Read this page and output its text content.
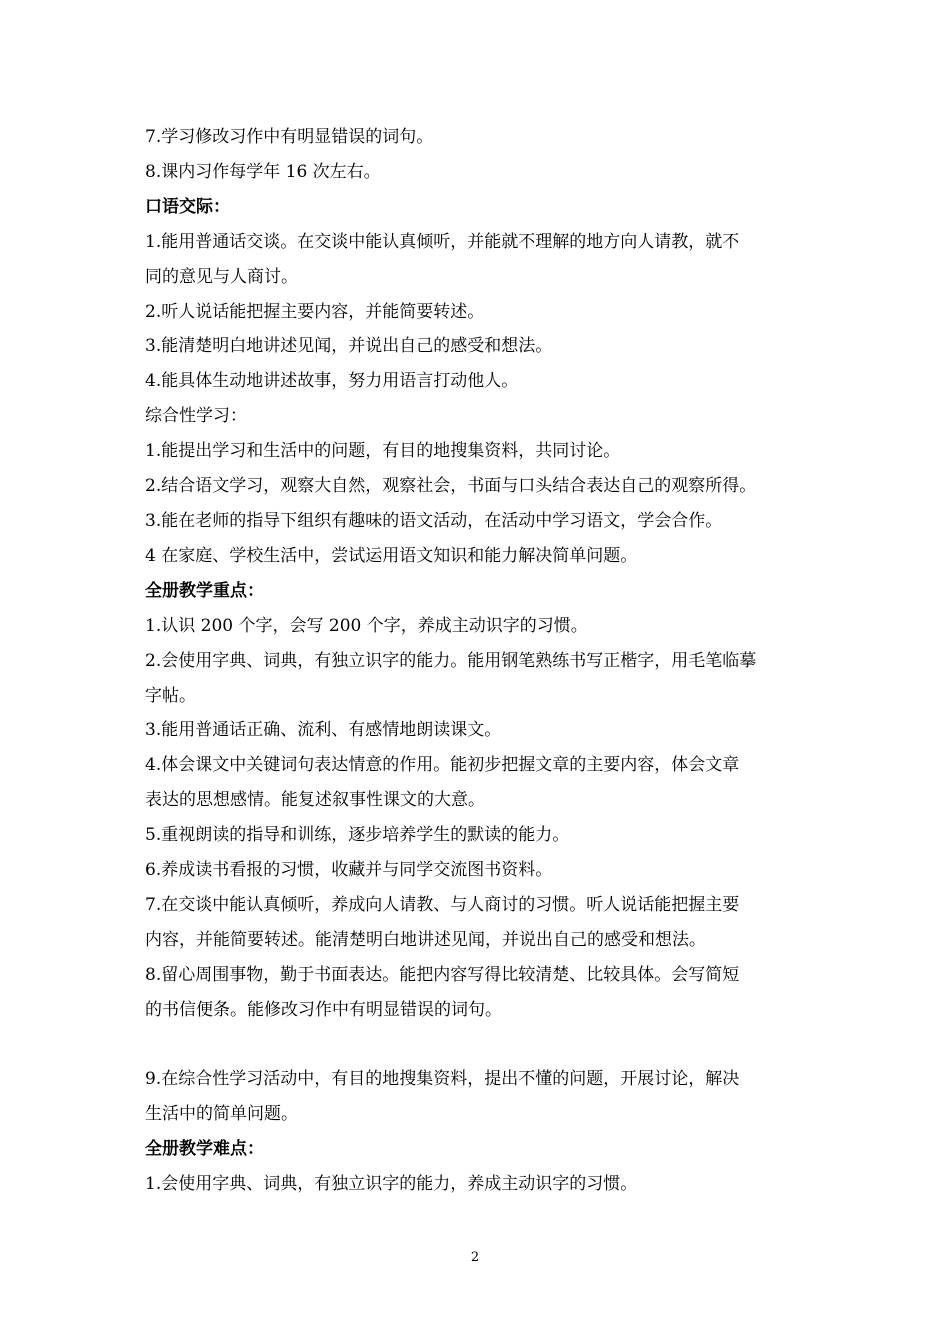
7.学习修改习作中有明显错误的词句。

8.课内习作每学年 16 次左右。

口语交际：

1.能用普通话交谈。在交谈中能认真倾听，并能就不理解的地方向人请教，就不

同的意见与人商讨。

2.听人说话能把握主要内容，并能简要转述。

3.能清楚明白地讲述见闻，并说出自己的感受和想法。

4.能具体生动地讲述故事，努力用语言打动他人。

综合性学习：

1.能提出学习和生活中的问题，有目的地搜集资料，共同讨论。

2.结合语文学习，观察大自然，观察社会，书面与口头结合表达自己的观察所得。

3.能在老师的指导下组织有趣味的语文活动，在活动中学习语文，学会合作。

4 在家庭、学校生活中，尝试运用语文知识和能力解决简单问题。

全册教学重点：

1.认识 200 个字，会写 200 个字，养成主动识字的习惯。

2.会使用字典、词典，有独立识字的能力。能用钢笔熟练书写正楷字，用毛笔临摹

字帖。

3.能用普通话正确、流利、有感情地朗读课文。

4.体会课文中关键词句表达情意的作用。能初步把握文章的主要内容，体会文章

表达的思想感情。能复述叙事性课文的大意。

5.重视朗读的指导和训练，逐步培养学生的默读的能力。

6.养成读书看报的习惯，收藏并与同学交流图书资料。

7.在交谈中能认真倾听，养成向人请教、与人商讨的习惯。听人说话能把握主要

内容，并能简要转述。能清楚明白地讲述见闻，并说出自己的感受和想法。

8.留心周围事物，勤于书面表达。能把内容写得比较清楚、比较具体。会写简短

的书信便条。能修改习作中有明显错误的词句。

9.在综合性学习活动中，有目的地搜集资料，提出不懂的问题，开展讨论，解决

生活中的简单问题。

全册教学难点：

1.会使用字典、词典，有独立识字的能力，养成主动识字的习惯。

2
